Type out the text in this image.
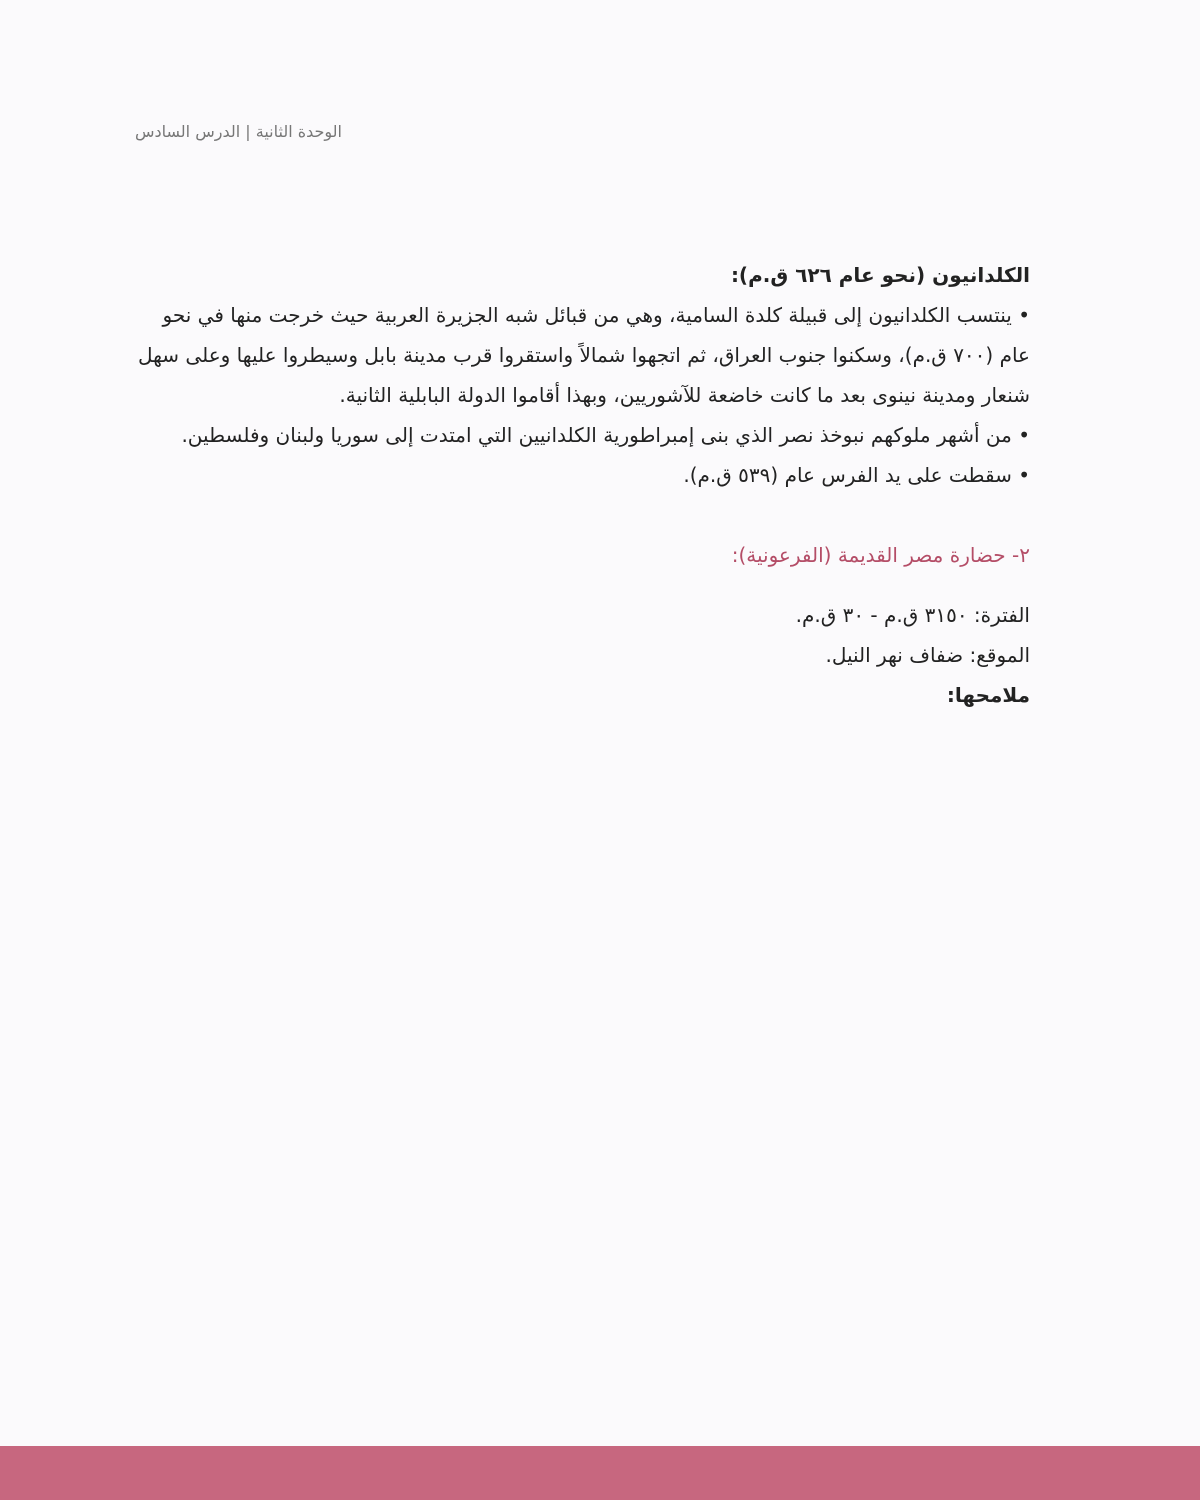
الوحدة الثانية | الدرس السادس

الكلدانيون (نحو عام ٦٢٦ ق.م):

• ينتسب الكلدانيون إلى قبيلة كلدة السامية، وهي من قبائل شبه الجزيرة العربية حيث خرجت منها في نحو عام (٧٠٠ ق.م)، وسكنوا جنوب العراق، ثم اتجهوا شمالاً واستقروا قرب مدينة بابل وسيطروا عليها وعلى سهل شنعار ومدينة نينوى بعد ما كانت خاضعة للآشوريين، وبهذا أقاموا الدولة البابلية الثانية.

• من أشهر ملوكهم نبوخذ نصر الذي بنى إمبراطورية الكلدانيين التي امتدت إلى سوريا ولبنان وفلسطين.

• سقطت على يد الفرس عام (٥٣٩ ق.م).

٢- حضارة مصر القديمة (الفرعونية):

الفترة: ٣١٥٠ ق.م - ٣٠ ق.م.

الموقع: ضفاف نهر النيل.

ملامحها:
